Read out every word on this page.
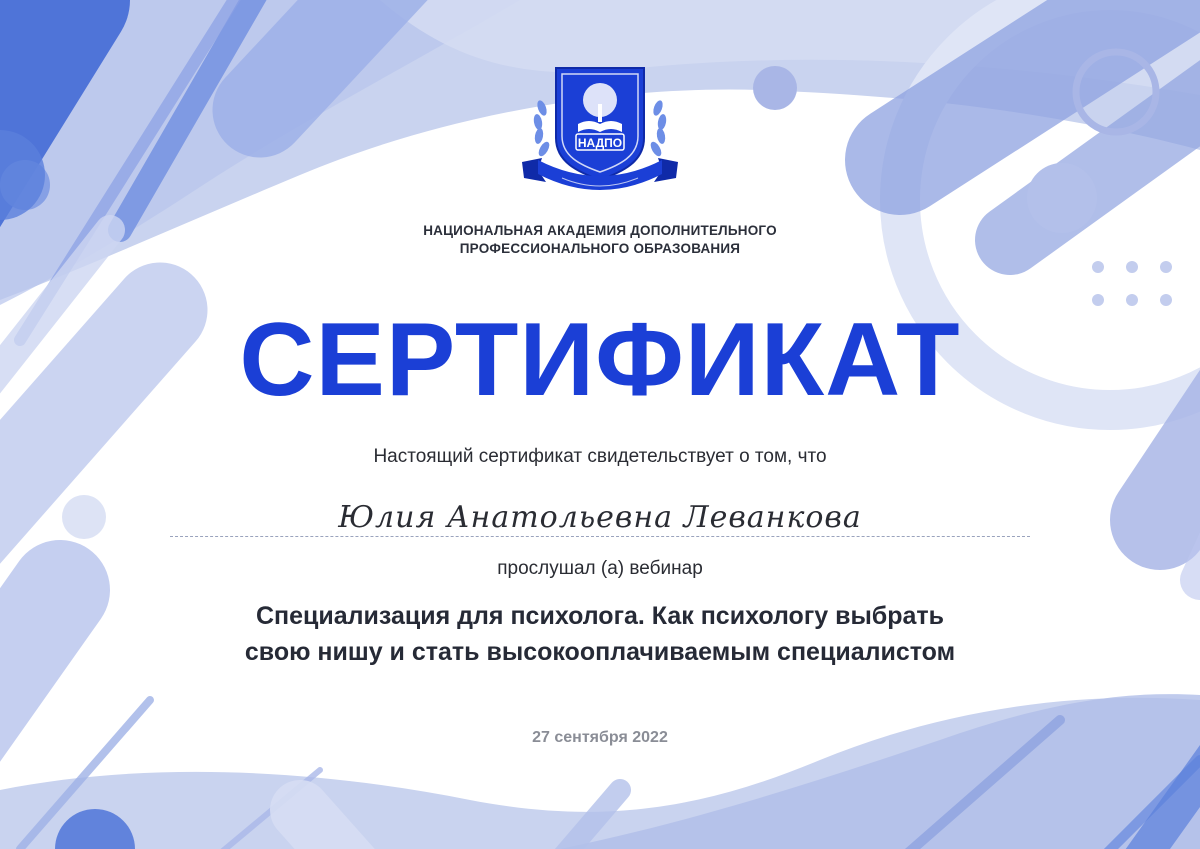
НАДПО
НАЦИОНАЛЬНАЯ АКАДЕМИЯ ДОПОЛНИТЕЛЬНОГО
ПРОФЕССИОНАЛЬНОГО ОБРАЗОВАНИЯ
СЕРТИФИКАТ
Настоящий сертификат свидетельствует о том, что
Юлия Анатольевна Леванкова
прослушал (а) вебинар
Специализация для психолога. Как психологу выбрать
свою нишу и стать высокооплачиваемым специалистом
27 сентября 2022
